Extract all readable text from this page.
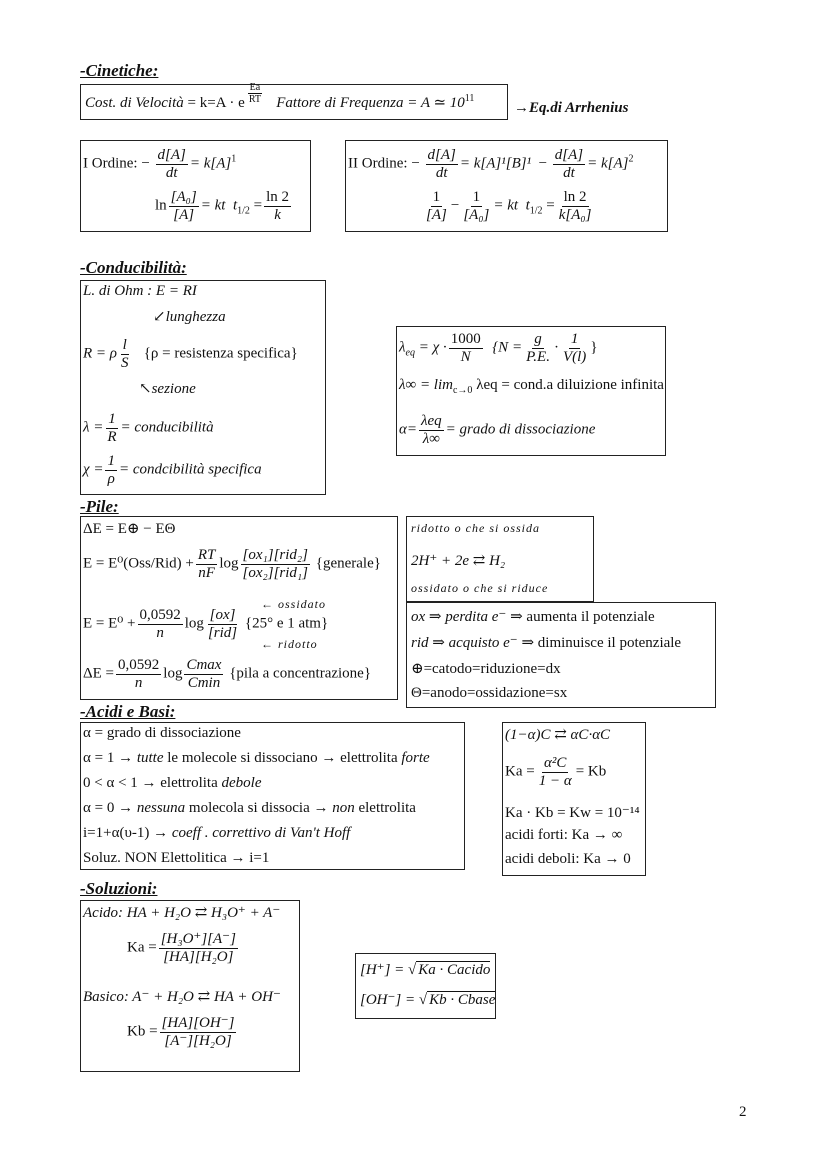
-Cinetiche:
Cost. di Velocità = k=A · e $\frac{Ea}{RT}$ Fattore di Frequenza = A ≃ $10^{11}$
→Eq.di Arrhenius
I Ordine: − $\frac{d[A]}{dt} = k[A]^1$
$\ln \frac{\text{[A₀]}}{[A]}$ = kt $t_{1/2} = \frac{\ln 2}{k}$
II Ordine: − $\frac{d[A]}{dt} = k[A]^1[B]^1 - \frac{d[A]}{dt} = k[A]^2$
$\frac{1}{[A]} - \frac{1}{\text{[A₀]}}$ = kt $t_{1/2} = \frac{\ln 2}{\text{k[A₀]}}$
-Conducibilità:
L. di Ohm : E = RI
↙lunghezza
R = ρ $\frac{l}{S} \{\rho$ = resistenza specifica}
↖sezione
$\lambda = \frac{1}{R}$ = conducibilità
$\chi = \frac{1}{\rho}$ = condcibilità specifica
$\lambda_{eq} = \chi \cdot \frac{1000}{N} \{N = \frac{g}{P.E.} \cdot \frac{1}{V(l)}$ }
$\lambda\infty = \lim_{c\to 0} \lambda eq$ = cond.a diluizione infinita
$\alpha= \frac{\text{λeq}}{\lambda\infty}$ = grado di dissociazione
-Pile:
ΔE = E⊕ − EΘ
$E = E^0(Oss/Rid) + \frac{RT}{nF}$ $\log \frac{\text{[ox₁][rid₂]}}{\text{[ox₂][rid₁]}}$ {generale}
← ossidato
$E = E^0 + \frac{0,0592}{n}$ $\log \frac{[ox]}{\text{[rid]}} \{25^\circ$ e 1 atm}
← ridotto
$\Delta E = \frac{0,0592}{n}$ $\log \frac{Cmax}{Cmin}$ {pila a concentrazione}
ridotto o che si ossida
2H⁺ + 2e ⇄ H₂
ossidato o che si riduce
ox ⇒ perdita e⁻ ⇒ aumenta il potenziale
rid ⇒ acquisto e⁻ ⇒ diminuisce il potenziale
⊕=catodo=riduzione=dx
Θ=anodo=ossidazione=sx
-Acidi e Basi:
α = grado di dissociazione
α = 1 → tutte le molecole si dissociano → elettrolita forte
0 < α < 1 → elettrolita debole
α = 0 → nessuna molecola si dissocia → non elettrolita
i=1+α(υ-1) → coeff . correttivo di Van't Hoff
Soluz. NON Elettolitica → i=1
(1−α)C ⇄ αC·αC
$Ka = \frac{\text{α²C}}{1 - \alpha} = Kb$
Ka · Kb = Kw = 10⁻¹⁴
acidi forti: Ka → ∞
acidi deboli: Ka → 0
-Soluzioni:
Acido: HA + H₂O ⇄ H₃O⁺ + A⁻
$Ka = \frac{\text{[H₃O⁺][A⁻]}}{\text{[HA][H₂O]}}$
Basico: A⁻ + H₂O ⇄ HA + OH⁻
$Kb = \frac{[HA][OH^-]}{\text{[A⁻][H₂O]}}$
[H⁺] = √ Ka · Cacido
[OH⁻] = √ Kb · Cbase
2
